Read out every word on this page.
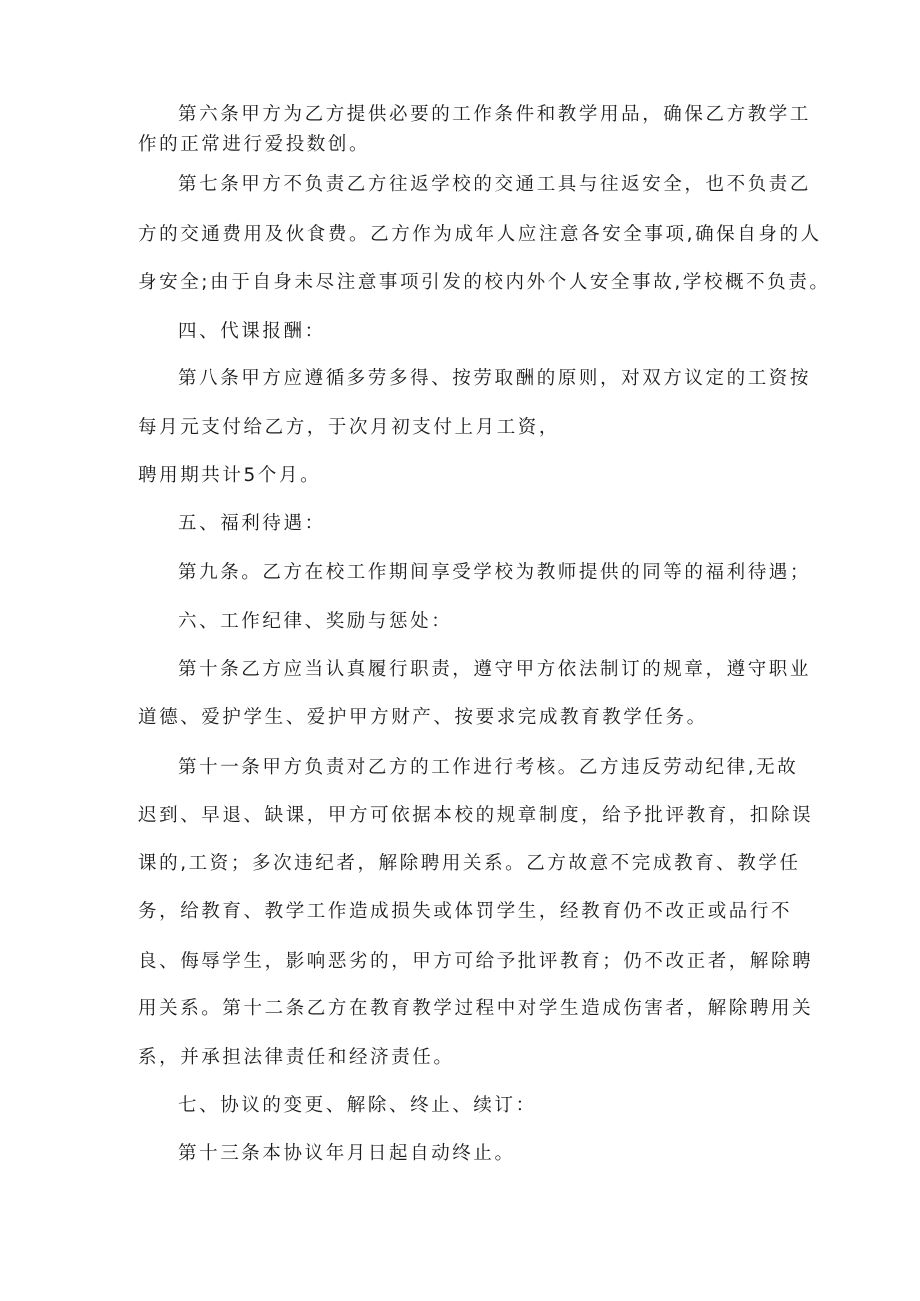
第六条甲方为乙方提供必要的工作条件和教学用品，确保乙方教学工
作的正常进行爱投数创。
第七条甲方不负责乙方往返学校的交通工具与往返安全，也不负责乙
方的交通费用及伙食费。乙方作为成年人应注意各安全事项,确保自身的人
身安全;由于自身未尽注意事项引发的校内外个人安全事故,学校概不负责。
四、代课报酬：
第八条甲方应遵循多劳多得、按劳取酬的原则，对双方议定的工资按
每月元支付给乙方，于次月初支付上月工资，
聘用期共计5个月。
五、福利待遇：
第九条。乙方在校工作期间享受学校为教师提供的同等的福利待遇；
六、工作纪律、奖励与惩处：
第十条乙方应当认真履行职责，遵守甲方依法制订的规章，遵守职业
道德、爱护学生、爱护甲方财产、按要求完成教育教学任务。
第十一条甲方负责对乙方的工作进行考核。乙方违反劳动纪律,无故
迟到、早退、缺课，甲方可依据本校的规章制度，给予批评教育，扣除误
课的,工资；多次违纪者，解除聘用关系。乙方故意不完成教育、教学任
务，给教育、教学工作造成损失或体罚学生，经教育仍不改正或品行不
良、侮辱学生，影响恶劣的，甲方可给予批评教育；仍不改正者，解除聘
用关系。第十二条乙方在教育教学过程中对学生造成伤害者，解除聘用关
系，并承担法律责任和经济责任。
七、协议的变更、解除、终止、续订：
第十三条本协议年月日起自动终止。
